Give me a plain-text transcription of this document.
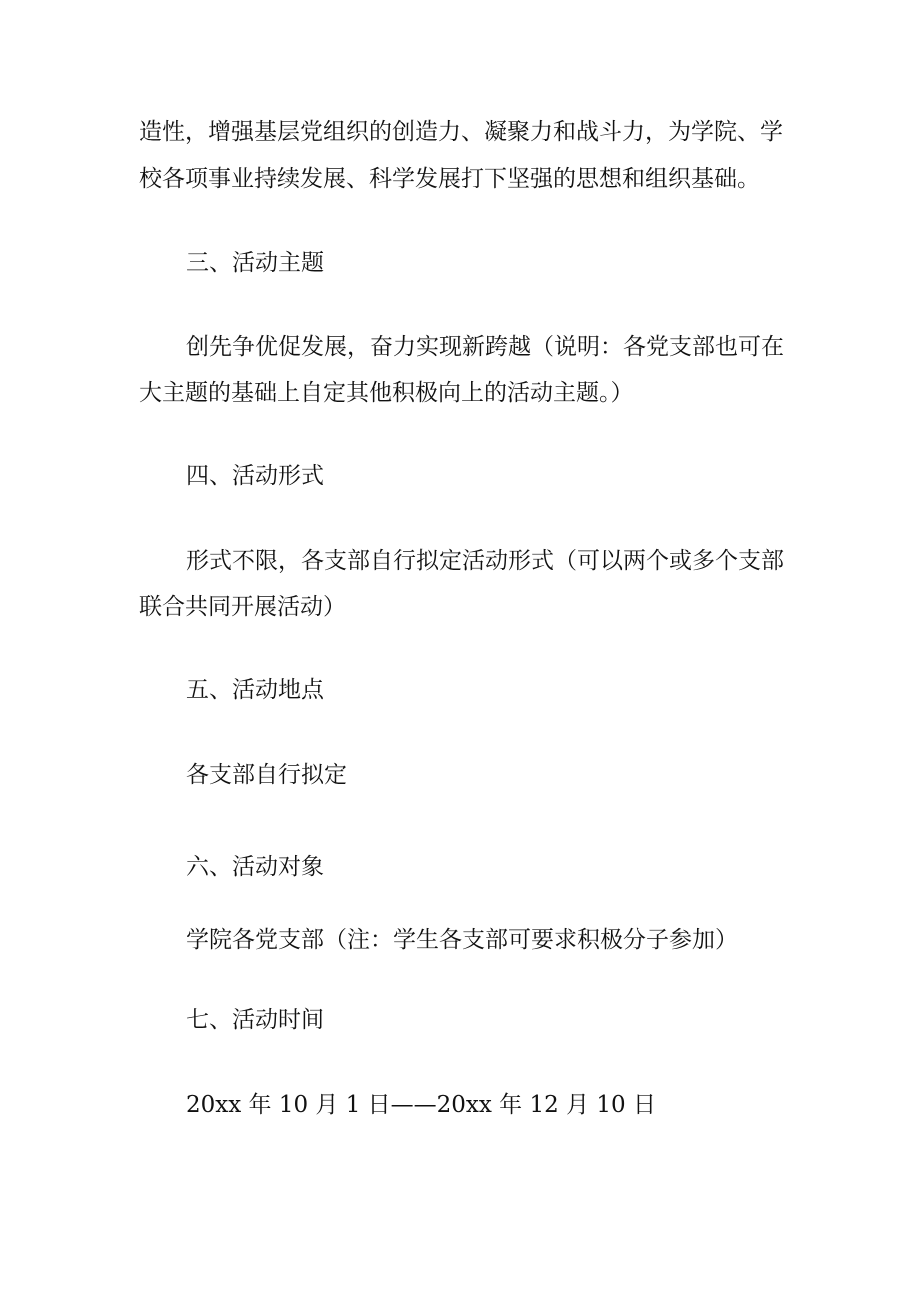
造性，增强基层党组织的创造力、凝聚力和战斗力，为学院、学

校各项事业持续发展、科学发展打下坚强的思想和组织基础。

三、活动主题

创先争优促发展，奋力实现新跨越（说明：各党支部也可在

大主题的基础上自定其他积极向上的活动主题。）

四、活动形式

形式不限，各支部自行拟定活动形式（可以两个或多个支部

联合共同开展活动）

五、活动地点

各支部自行拟定

六、活动对象

学院各党支部（注：学生各支部可要求积极分子参加）

七、活动时间

20xx 年 10 月 1 日——20xx 年 12 月 10 日
